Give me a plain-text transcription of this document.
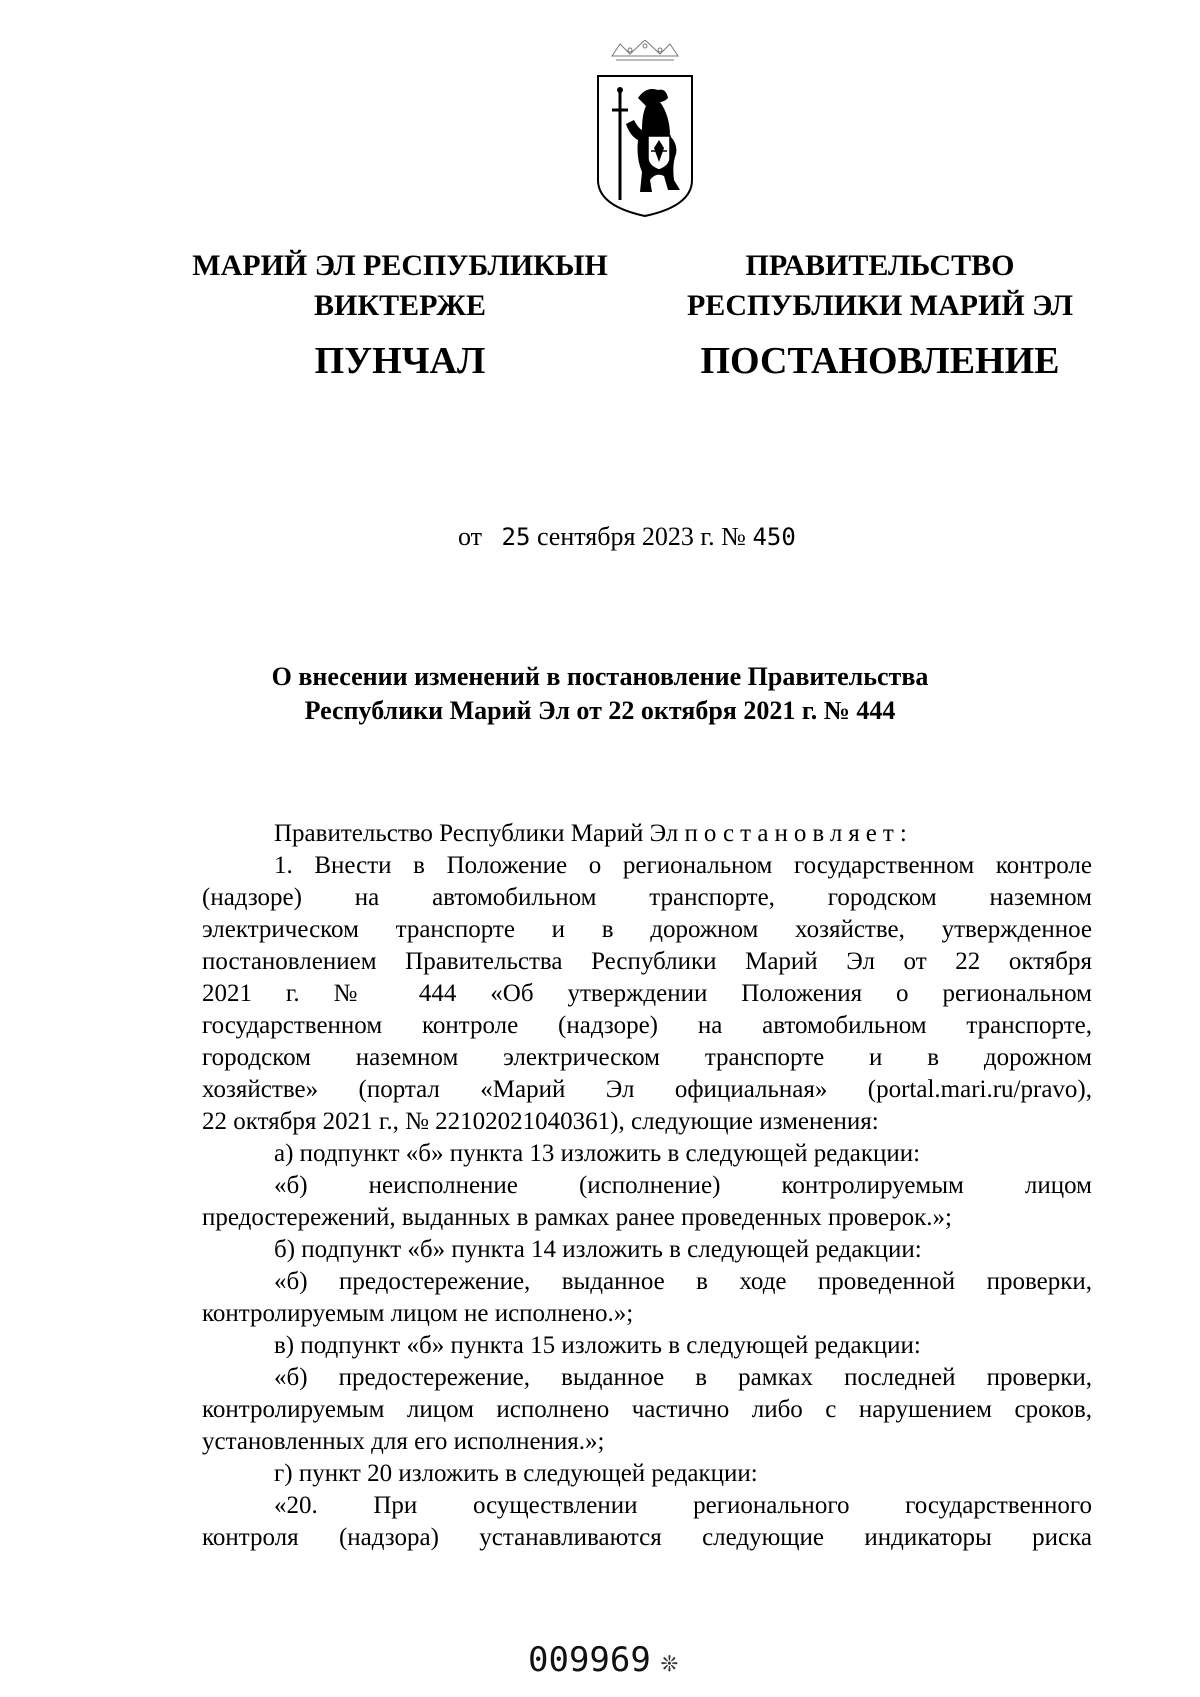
МАРИЙ ЭЛ РЕСПУБЛИКЫН
ВИКТЕРЖЕ
ПУНЧАЛ
ПРАВИТЕЛЬСТВО
РЕСПУБЛИКИ МАРИЙ ЭЛ
ПОСТАНОВЛЕНИЕ
от 25 сентября 2023 г. № 450
О внесении изменений в постановление Правительства
Республики Марий Эл от 22 октября 2021 г. № 444

Правительство Республики Марий Эл постановляет:

1. Внести в Положение о региональном государственном контроле

(надзоре) на автомобильном транспорте, городском наземном

электрическом транспорте и в дорожном хозяйстве, утвержденное

постановлением Правительства Республики Марий Эл от 22 октября

2021 г. № 444 «Об утверждении Положения о региональном

государственном контроле (надзоре) на автомобильном транспорте,

городском наземном электрическом транспорте и в дорожном

хозяйстве» (портал «Марий Эл официальная» (portal.mari.ru/pravo),

22 октября 2021 г., № 22102021040361), следующие изменения:

а) подпункт «б» пункта 13 изложить в следующей редакции:

«б) неисполнение (исполнение) контролируемым лицом

предостережений, выданных в рамках ранее проведенных проверок.»;

б) подпункт «б» пункта 14 изложить в следующей редакции:

«б) предостережение, выданное в ходе проведенной проверки,

контролируемым лицом не исполнено.»;

в) подпункт «б» пункта 15 изложить в следующей редакции:

«б) предостережение, выданное в рамках последней проверки,

контролируемым лицом исполнено частично либо с нарушением сроков,

установленных для его исполнения.»;

г) пункт 20 изложить в следующей редакции:

«20. При осуществлении регионального государственного

контроля (надзора) устанавливаются следующие индикаторы риска

009969 ❊
